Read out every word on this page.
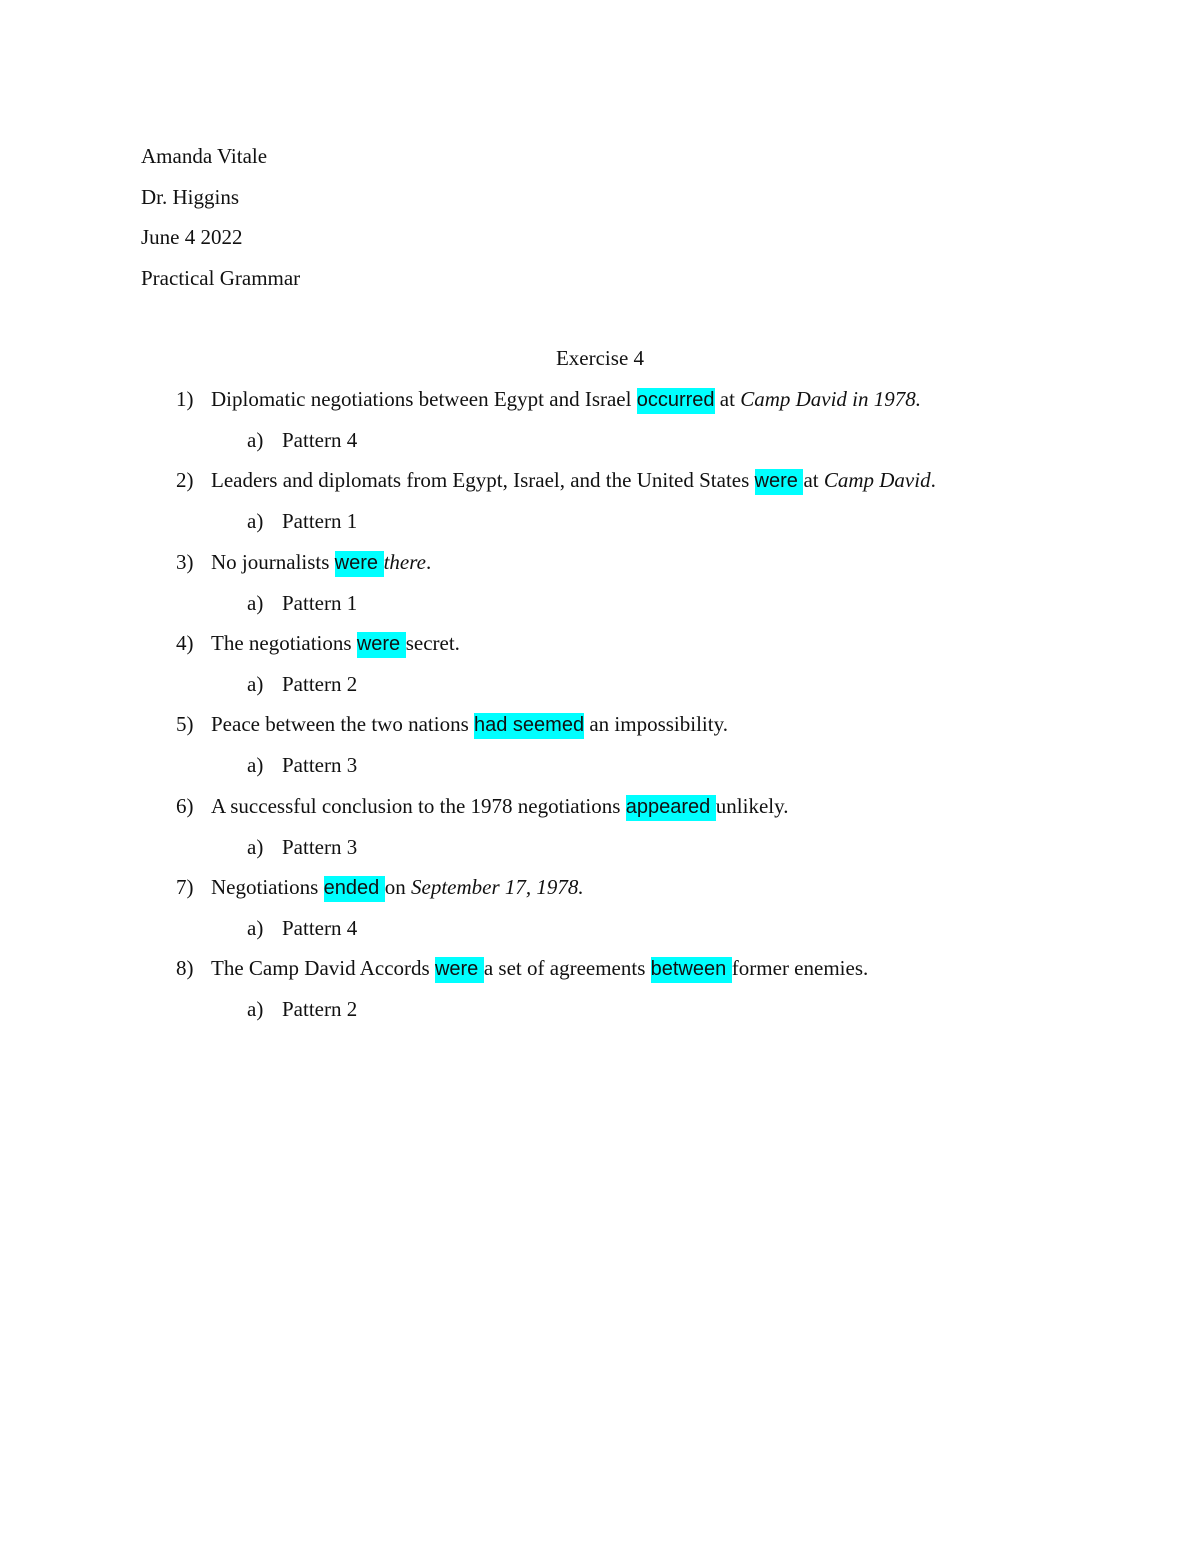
Amanda Vitale
Dr. Higgins
June 4 2022
Practical Grammar
Exercise 4
1) Diplomatic negotiations between Egypt and Israel occurred at Camp David in 1978.
a) Pattern 4
2) Leaders and diplomats from Egypt, Israel, and the United States were at Camp David.
a) Pattern 1
3) No journalists were there.
a) Pattern 1
4) The negotiations were secret.
a) Pattern 2
5) Peace between the two nations had seemed an impossibility.
a) Pattern 3
6) A successful conclusion to the 1978 negotiations appeared unlikely.
a) Pattern 3
7) Negotiations ended on September 17, 1978.
a) Pattern 4
8) The Camp David Accords were a set of agreements between former enemies.
a) Pattern 2
